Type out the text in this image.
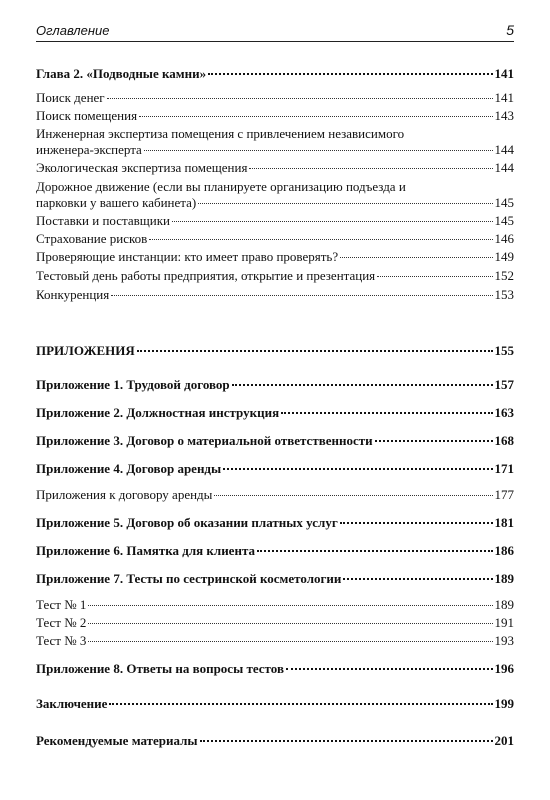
Оглавление	5
Глава 2. «Подводные камни»	141
Поиск денег	141
Поиск помещения	143
Инженерная экспертиза помещения с привлечением независимого
инженера-эксперта	144
Экологическая экспертиза помещения	144
Дорожное движение (если вы планируете организацию подъезда и
парковки у вашего кабинета)	145
Поставки и поставщики	145
Страхование рисков	146
Проверяющие инстанции: кто имеет право проверять?	149
Тестовый день работы предприятия, открытие и презентация	152
Конкуренция	153
ПРИЛОЖЕНИЯ	155
Приложение 1. Трудовой договор	157
Приложение 2. Должностная инструкция	163
Приложение 3. Договор о материальной ответственности	168
Приложение 4. Договор аренды	171
Приложения к договору аренды	177
Приложение 5. Договор об оказании платных услуг	181
Приложение 6. Памятка для клиента	186
Приложение 7. Тесты по сестринской косметологии	189
Тест № 1	189
Тест № 2	191
Тест № 3	193
Приложение 8. Ответы на вопросы тестов	196
Заключение	199
Рекомендуемые материалы	201
